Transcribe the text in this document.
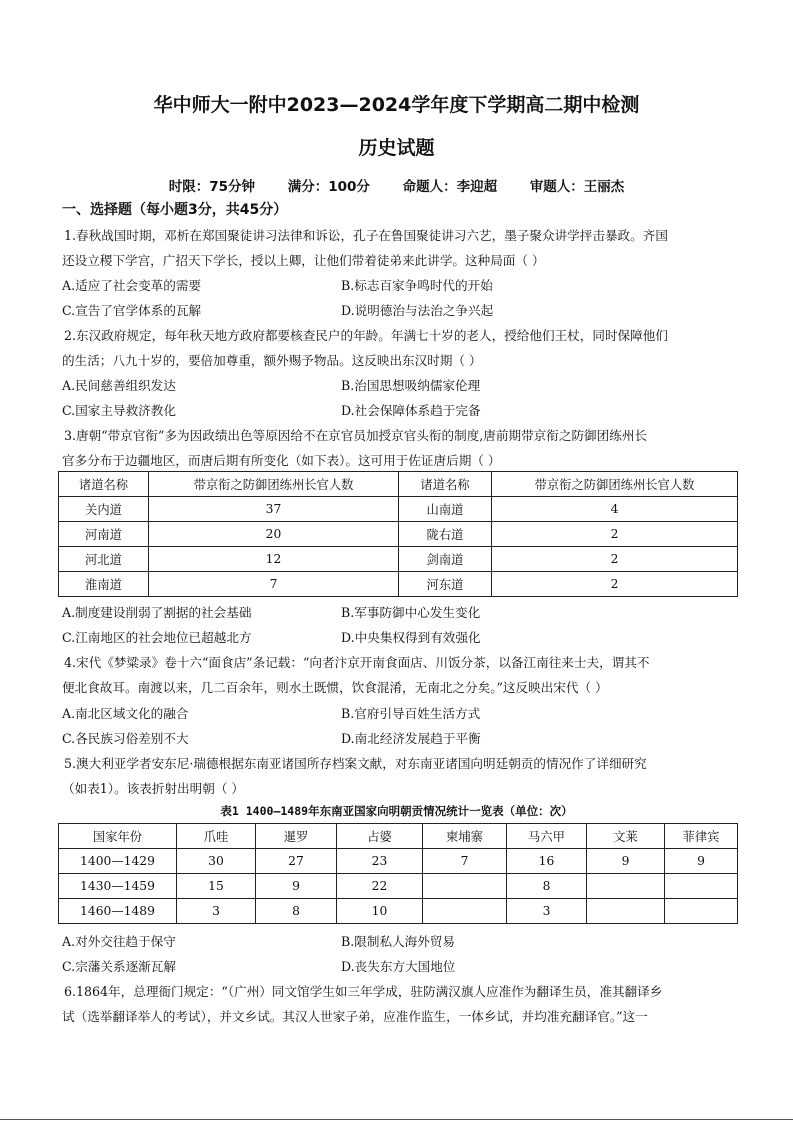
华中师大一附中2023—2024学年度下学期高二期中检测
历史试题
时限：75分钟 满分：100分 命题人：李迎超 审题人：王丽杰
一、选择题（每小题3分，共45分）
1.春秋战国时期，邓析在郑国聚徒讲习法律和诉讼，孔子在鲁国聚徒讲习六艺，墨子聚众讲学抨击暴政。齐国
还设立稷下学宫，广招天下学长，授以上卿，让他们带着徒弟来此讲学。这种局面（ ）
A.适应了社会变革的需要	B.标志百家争鸣时代的开始
C.宣告了官学体系的瓦解	D.说明德治与法治之争兴起
2.东汉政府规定，每年秋天地方政府都要核查民户的年龄。年满七十岁的老人，授给他们王杖，同时保障他们
的生活；八九十岁的，要倍加尊重，额外赐予物品。这反映出东汉时期（ ）
A.民间慈善组织发达	B.治国思想吸纳儒家伦理
C.国家主导救济教化	D.社会保障体系趋于完备
3.唐朝“带京官衔”多为因政绩出色等原因给不在京官员加授京官头衔的制度,唐前期带京衔之防御团练州长
官多分布于边疆地区，而唐后期有所变化（如下表）。这可用于佐证唐后期（ ）
诸道名称	带京衔之防御团练州长官人数	诸道名称	带京衔之防御团练州长官人数
关内道	37	山南道	4
河南道	20	陇右道	2
河北道	12	剑南道	2
淮南道	7	河东道	2
A.制度建设削弱了割据的社会基础	B.军事防御中心发生变化
C.江南地区的社会地位已超越北方	D.中央集权得到有效强化
4.宋代《梦粱录》卷十六“面食店”条记载：“向者汴京开南食面店、川饭分茶，以备江南往来士夫，谓其不
便北食故耳。南渡以来，几二百余年，则水土既惯，饮食混淆，无南北之分矣。”这反映出宋代（ ）
A.南北区域文化的融合	B.官府引导百姓生活方式
C.各民族习俗差别不大	D.南北经济发展趋于平衡
5.澳大利亚学者安东尼·瑞德根据东南亚诸国所存档案文献，对东南亚诸国向明廷朝贡的情况作了详细研究
（如表1）。该表折射出明朝（ ）
表1 1400—1489年东南亚国家向明朝贡情况统计一览表（单位：次）
国家年份	爪哇	暹罗	占婆	柬埔寨	马六甲	文莱	菲律宾
1400—1429	30	27	23	7	16	9	9
1430—1459	15	9	22		8		
1460—1489	3	8	10		3		
A.对外交往趋于保守	B.限制私人海外贸易
C.宗藩关系逐渐瓦解	D.丧失东方大国地位
6.1864年，总理衙门规定：“（广州）同文馆学生如三年学成，驻防满汉旗人应准作为翻译生员，准其翻译乡
试（选举翻译举人的考试），并文乡试。其汉人世家子弟，应准作监生，一体乡试，并均准充翻译官。”这一
